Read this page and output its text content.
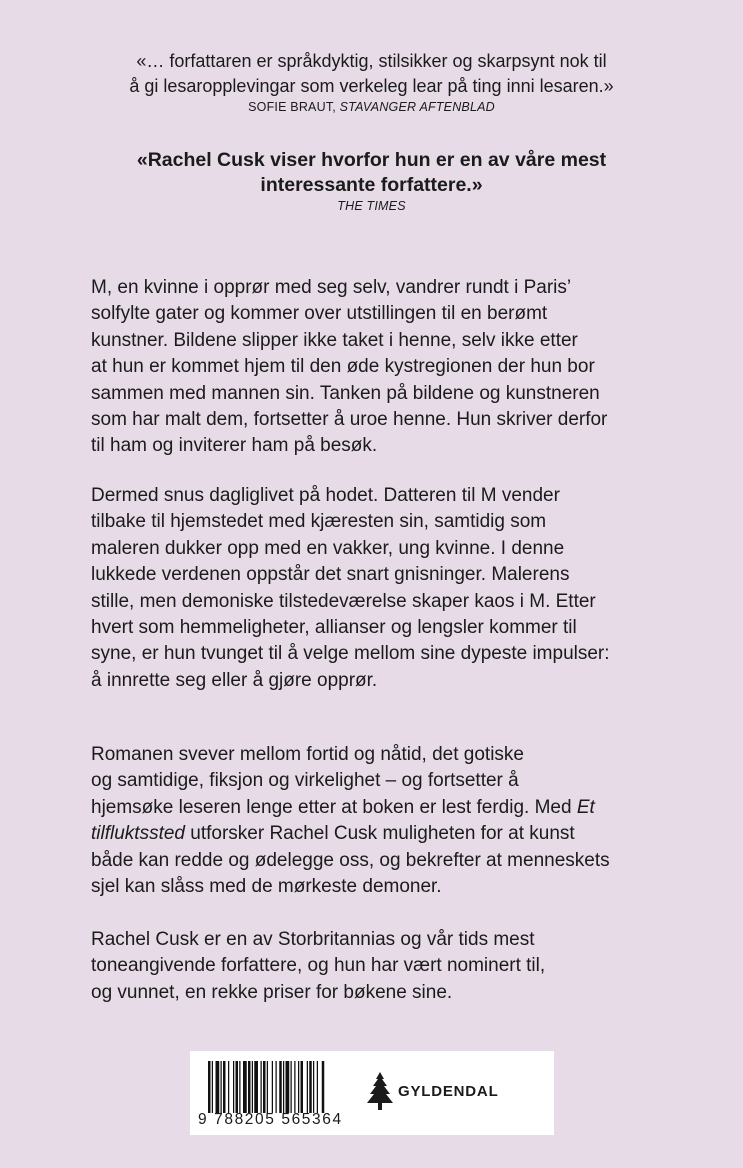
«… forfattaren er språkdyktig, stilsikker og skarpsynt nok til
å gi lesaropplevingar som verkeleg lear på ting inni lesaren.»
SOFIE BRAUT, STAVANGER AFTENBLAD
«Rachel Cusk viser hvorfor hun er en av våre mest
interessante forfattere.»
THE TIMES
M, en kvinne i opprør med seg selv, vandrer rundt i Paris’
solfylte gater og kommer over utstillingen til en berømt
kunstner. Bildene slipper ikke taket i henne, selv ikke etter
at hun er kommet hjem til den øde kystregionen der hun bor
sammen med mannen sin. Tanken på bildene og kunstneren
som har malt dem, fortsetter å uroe henne. Hun skriver derfor
til ham og inviterer ham på besøk.
Dermed snus dagliglivet på hodet. Datteren til M vender
tilbake til hjemstedet med kjæresten sin, samtidig som
maleren dukker opp med en vakker, ung kvinne. I denne
lukkede verdenen oppstår det snart gnisninger. Malerens
stille, men demoniske tilstedeværelse skaper kaos i M. Etter
hvert som hemmeligheter, allianser og lengsler kommer til
syne, er hun tvunget til å velge mellom sine dypeste impulser:
å innrette seg eller å gjøre opprør.
Romanen svever mellom fortid og nåtid, det gotiske
og samtidige, fiksjon og virkelighet – og fortsetter å
hjemsøke leseren lenge etter at boken er lest ferdig. Med Et
tilfluktssted utforsker Rachel Cusk muligheten for at kunst
både kan redde og ødelegge oss, og bekrefter at menneskets
sjel kan slåss med de mørkeste demoner.
Rachel Cusk er en av Storbritannias og vår tids mest
toneangivende forfattere, og hun har vært nominert til,
og vunnet, en rekke priser for bøkene sine.
9 788205 565364
GYLDENDAL
